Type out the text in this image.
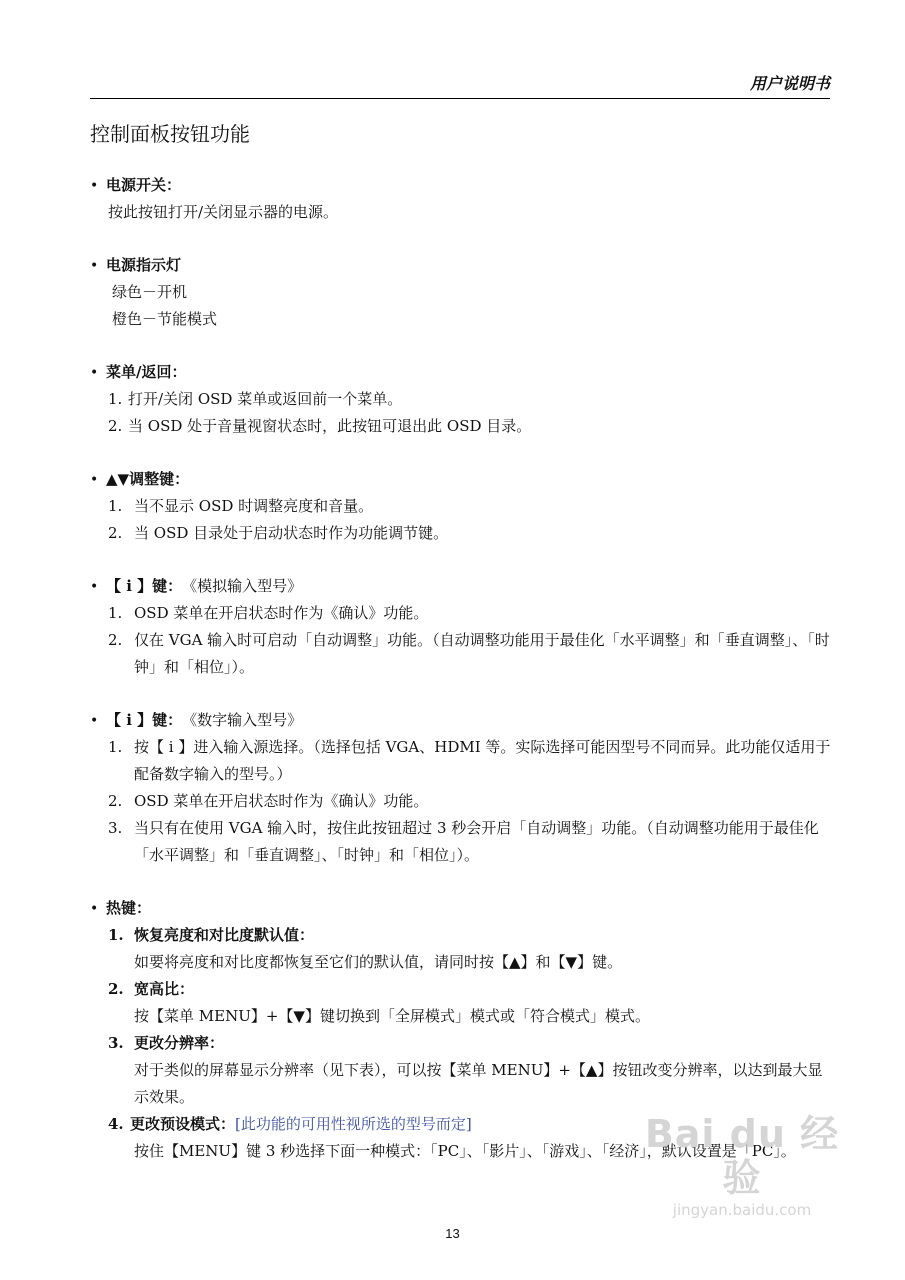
用户说明书
控制面板按钮功能
• 电源开关：
按此按钮打开/关闭显示器的电源。
• 电源指示灯
绿色－开机
橙色－节能模式
• 菜单/返回：
1. 打开/关闭 OSD 菜单或返回前一个菜单。
2. 当 OSD 处于音量视窗状态时，此按钮可退出此 OSD 目录。
• ▲▼调整键：
1. 当不显示 OSD 时调整亮度和音量。
2. 当 OSD 目录处于启动状态时作为功能调节键。
• 【 i 】键： 《模拟输入型号》
1. OSD 菜单在开启状态时作为《确认》功能。
2. 仅在 VGA 输入时可启动「自动调整」功能。（自动调整功能用于最佳化「水平调整」和「垂直调整」、「时钟」和「相位」）。
• 【 i 】键： 《数字输入型号》
1. 按【 i 】进入输入源选择。（选择包括 VGA、HDMI 等。实际选择可能因型号不同而异。此功能仅适用于配备数字输入的型号。）
2. OSD 菜单在开启状态时作为《确认》功能。
3. 当只有在使用 VGA 输入时，按住此按钮超过 3 秒会开启「自动调整」功能。（自动调整功能用于最佳化「水平调整」和「垂直调整」、「时钟」和「相位」）。
• 热键：
1. 恢复亮度和对比度默认值：
如要将亮度和对比度都恢复至它们的默认值，请同时按【▲】和【▼】键。
2. 宽高比：
按【菜单 MENU】+【▼】键切换到「全屏模式」模式或「符合模式」模式。
3. 更改分辨率：
对于类似的屏幕显示分辨率（见下表），可以按【菜单 MENU】+【▲】按钮改变分辨率，以达到最大显示效果。
4. 更改预设模式： [此功能的可用性视所选的型号而定]
按住【MENU】键 3 秒选择下面一种模式：「PC」、「影片」、「游戏」、「经济」，默认设置是「PC」。
13
Bai du 经验
jingyan.baidu.com
